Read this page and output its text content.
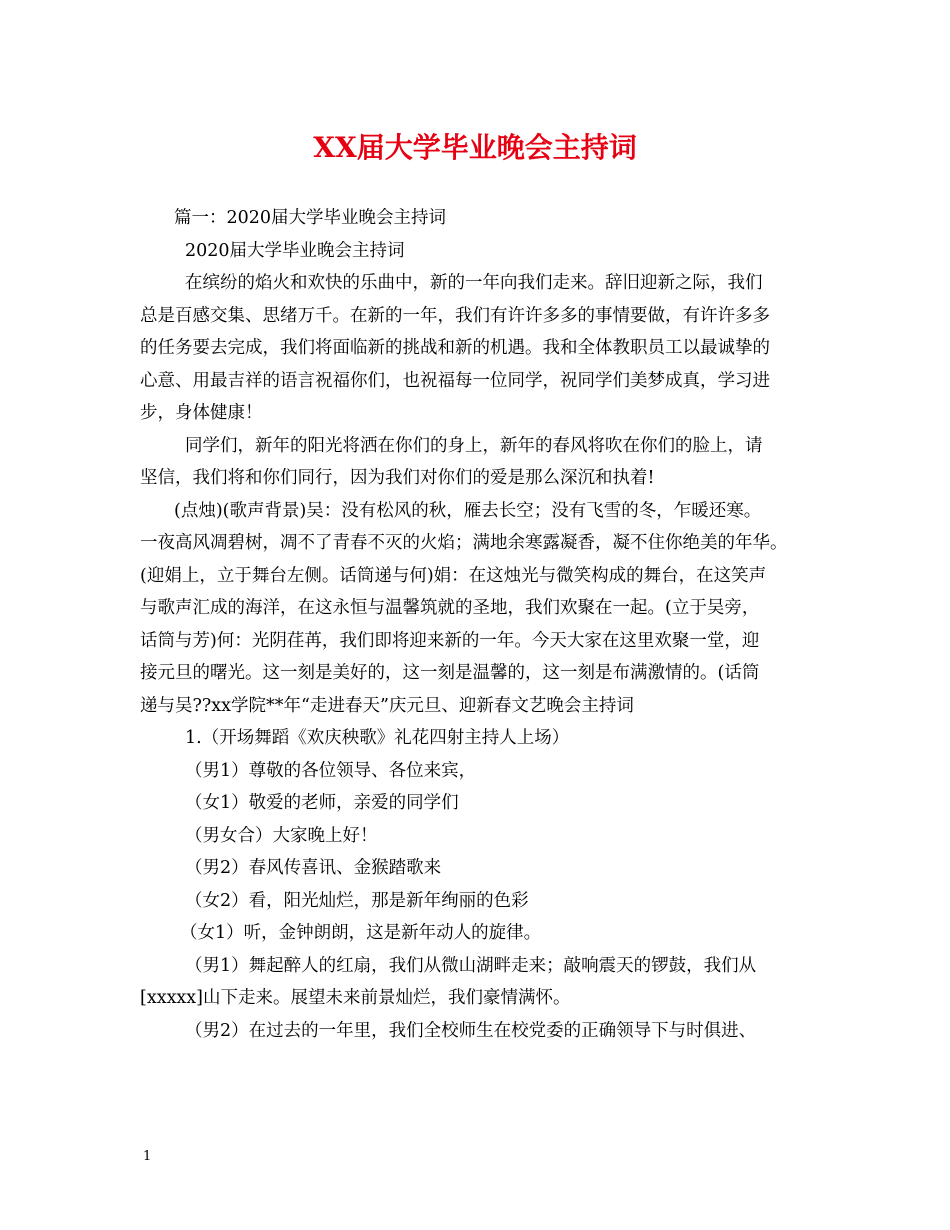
XX届大学毕业晚会主持词

篇一：2020届大学毕业晚会主持词

2020届大学毕业晚会主持词

在缤纷的焰火和欢快的乐曲中，新的一年向我们走来。辞旧迎新之际，我们

总是百感交集、思绪万千。在新的一年，我们有许许多多的事情要做，有许许多多

的任务要去完成，我们将面临新的挑战和新的机遇。我和全体教职员工以最诚挚的

心意、用最吉祥的语言祝福你们，也祝福每一位同学，祝同学们美梦成真，学习进

步，身体健康！

同学们，新年的阳光将洒在你们的身上，新年的春风将吹在你们的脸上，请

坚信，我们将和你们同行，因为我们对你们的爱是那么深沉和执着!

(点烛)(歌声背景)吴：没有松风的秋，雁去长空；没有飞雪的冬，乍暖还寒。

一夜高风凋碧树，凋不了青春不灭的火焰；满地余寒露凝香，凝不住你绝美的年华。

(迎娟上，立于舞台左侧。话筒递与何)娟：在这烛光与微笑构成的舞台，在这笑声

与歌声汇成的海洋，在这永恒与温馨筑就的圣地，我们欢聚在一起。(立于吴旁，

话筒与芳)何：光阴荏苒，我们即将迎来新的一年。今天大家在这里欢聚一堂，迎

接元旦的曙光。这一刻是美好的，这一刻是温馨的，这一刻是布满激情的。(话筒

递与吴??xx学院**年“走进春天”庆元旦、迎新春文艺晚会主持词

1.（开场舞蹈《欢庆秧歌》礼花四射主持人上场）

（男1）尊敬的各位领导、各位来宾，

（女1）敬爱的老师，亲爱的同学们

（男女合）大家晚上好！

（男2）春风传喜讯、金猴踏歌来

（女2）看，阳光灿烂，那是新年绚丽的色彩

（女1）听，金钟朗朗，这是新年动人的旋律。

（男1）舞起醉人的红扇，我们从微山湖畔走来；敲响震天的锣鼓，我们从

[xxxxx]山下走来。展望未来前景灿烂，我们豪情满怀。

（男2）在过去的一年里，我们全校师生在校党委的正确领导下与时俱进、

1
